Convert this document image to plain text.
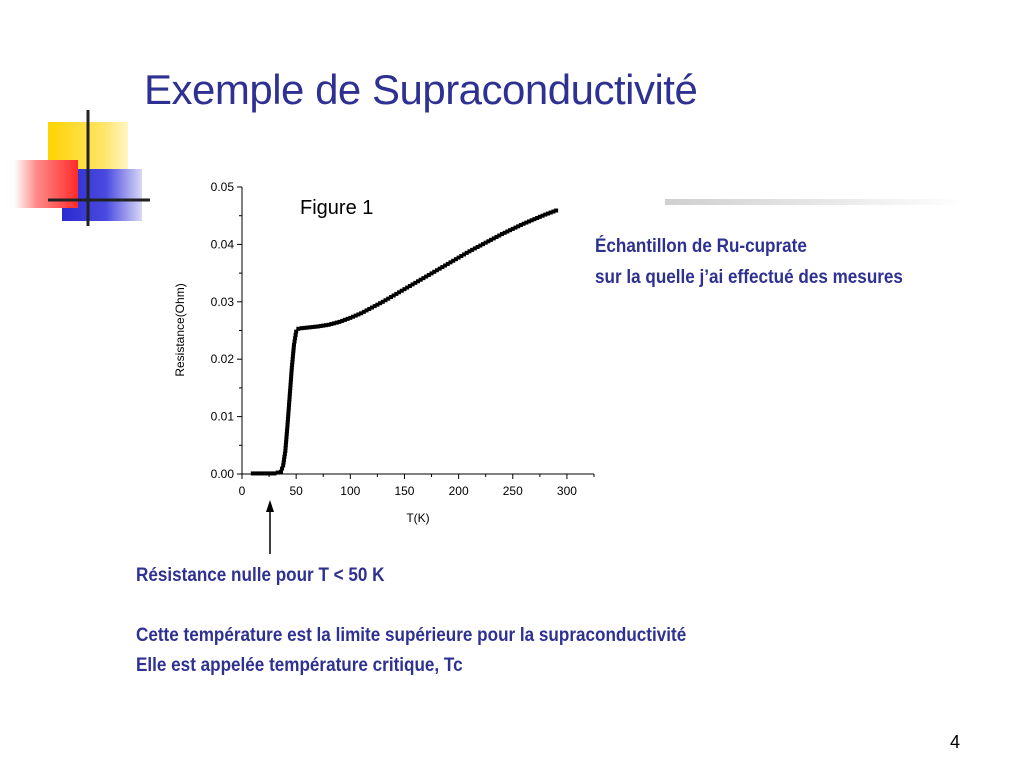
Exemple de Supraconductivité
0.00
0.01
0.02
0.03
0.04
0.05
0	50	100	150	200	250	300
Figure 1
T(K)
Resistance(Ohm)
Échantillon de Ru-cuprate
sur la quelle j’ai effectué des mesures
Résistance nulle pour T < 50 K
Cette température est la limite supérieure pour la supraconductivité
Elle est appelée température critique, Tc
4
